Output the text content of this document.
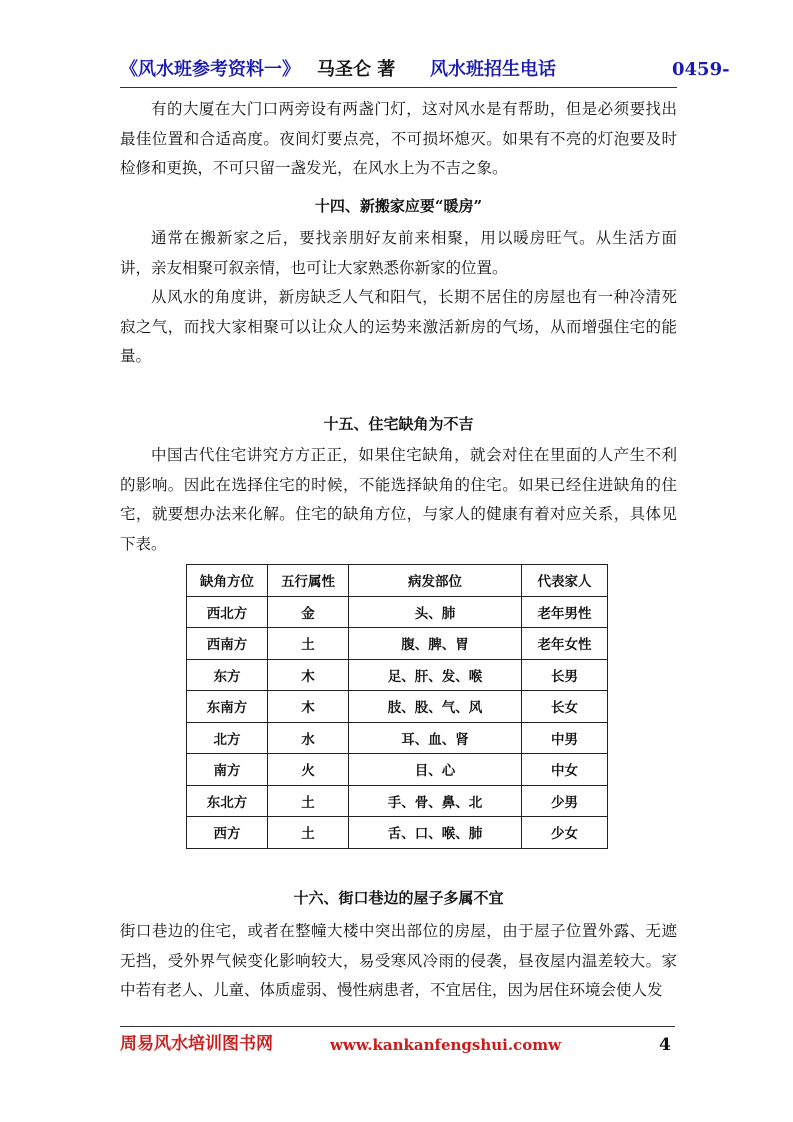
《风水班参考资料一》 马圣仑 著 风水班招生电话	0459-

有的大厦在大门口两旁设有两盏门灯，这对风水是有帮助，但是必须要找出最佳位置和合适高度。夜间灯要点亮，不可损坏熄灭。如果有不亮的灯泡要及时检修和更换，不可只留一盏发光，在风水上为不吉之象。

十四、新搬家应要“暖房”

通常在搬新家之后，要找亲朋好友前来相聚，用以暖房旺气。从生活方面讲，亲友相聚可叙亲情，也可让大家熟悉你新家的位置。

从风水的角度讲，新房缺乏人气和阳气，长期不居住的房屋也有一种冷清死寂之气，而找大家相聚可以让众人的运势来激活新房的气场，从而增强住宅的能量。

十五、住宅缺角为不吉

中国古代住宅讲究方方正正，如果住宅缺角，就会对住在里面的人产生不利的影响。因此在选择住宅的时候，不能选择缺角的住宅。如果已经住进缺角的住宅，就要想办法来化解。住宅的缺角方位，与家人的健康有着对应关系，具体见下表。

缺角方位	五行属性	病发部位	代表家人
西北方	金	头、肺	老年男性
西南方	土	腹、脾、胃	老年女性
东方	木	足、肝、发、喉	长男
东南方	木	肢、股、气、风	长女
北方	水	耳、血、肾	中男
南方	火	目、心	中女
东北方	土	手、骨、鼻、北	少男
西方	土	舌、口、喉、肺	少女
十六、街口巷边的屋子多属不宜

街口巷边的住宅，或者在整幢大楼中突出部位的房屋，由于屋子位置外露、无遮无挡，受外界气候变化影响较大，易受寒风冷雨的侵袭，昼夜屋内温差较大。家中若有老人、儿童、体质虚弱、慢性病患者，不宜居住，因为居住环境会使人发

周易风水培训图书网	www.kankanfengshui.comw	4
